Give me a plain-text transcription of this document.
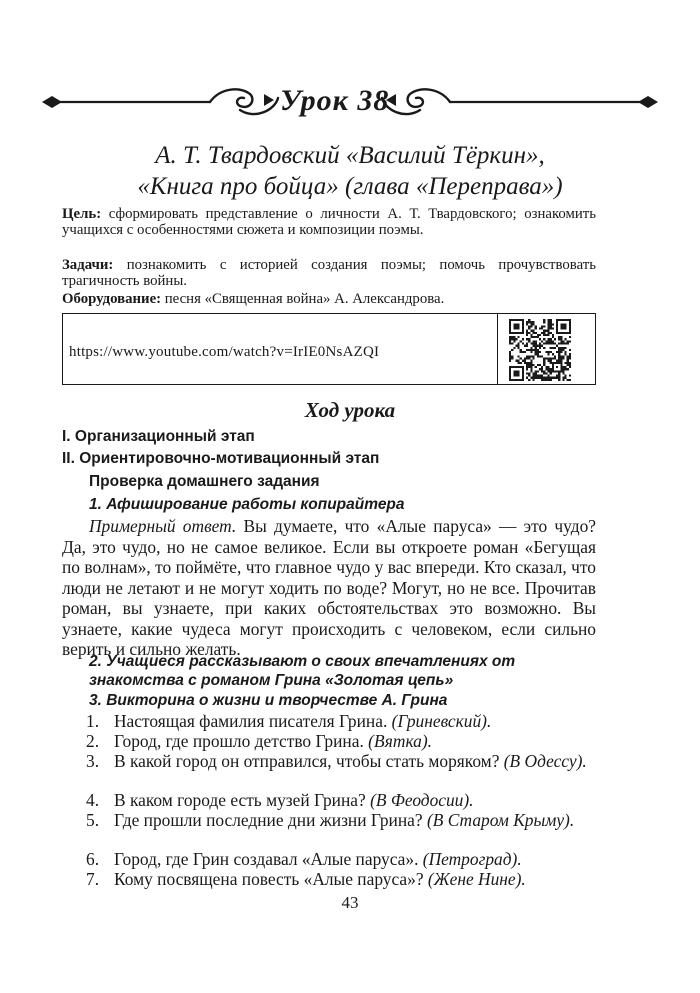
Урок 38
А. Т. Твардовский «Василий Тёркин»,
«Книга про бойца» (глава «Переправа»)
Цель: сформировать представление о личности А. Т. Твардовского; ознакомить учащихся с особенностями сюжета и композиции поэмы.
Задачи: познакомить с историей создания поэмы; помочь прочувствовать трагичность войны.
Оборудование: песня «Священная война» А. Александрова.
https://www.youtube.com/watch?v=IrIE0NsAZQI
Ход урока
I. Организационный этап
II. Ориентировочно-мотивационный этап
Проверка домашнего задания
1. Афиширование работы копирайтера
Примерный ответ. Вы думаете, что «Алые паруса» — это чудо? Да, это чудо, но не самое великое. Если вы откроете роман «Бегущая по волнам», то поймёте, что главное чудо у вас впереди. Кто сказал, что люди не летают и не могут ходить по воде? Могут, но не все. Прочитав роман, вы узнаете, при каких обстоятельствах это возможно. Вы узнаете, какие чудеса могут происходить с человеком, если сильно верить и сильно желать.
2. Учащиеся рассказывают о своих впечатлениях от знакомства с романом Грина «Золотая цепь»
3. Викторина о жизни и творчестве А. Грина
1. Настоящая фамилия писателя Грина. (Гриневский).
2. Город, где прошло детство Грина. (Вятка).
3. В какой город он отправился, чтобы стать моряком? (В Одессу).
4. В каком городе есть музей Грина? (В Феодосии).
5. Где прошли последние дни жизни Грина? (В Старом Крыму).
6. Город, где Грин создавал «Алые паруса». (Петроград).
7. Кому посвящена повесть «Алые паруса»? (Жене Нине).
43
